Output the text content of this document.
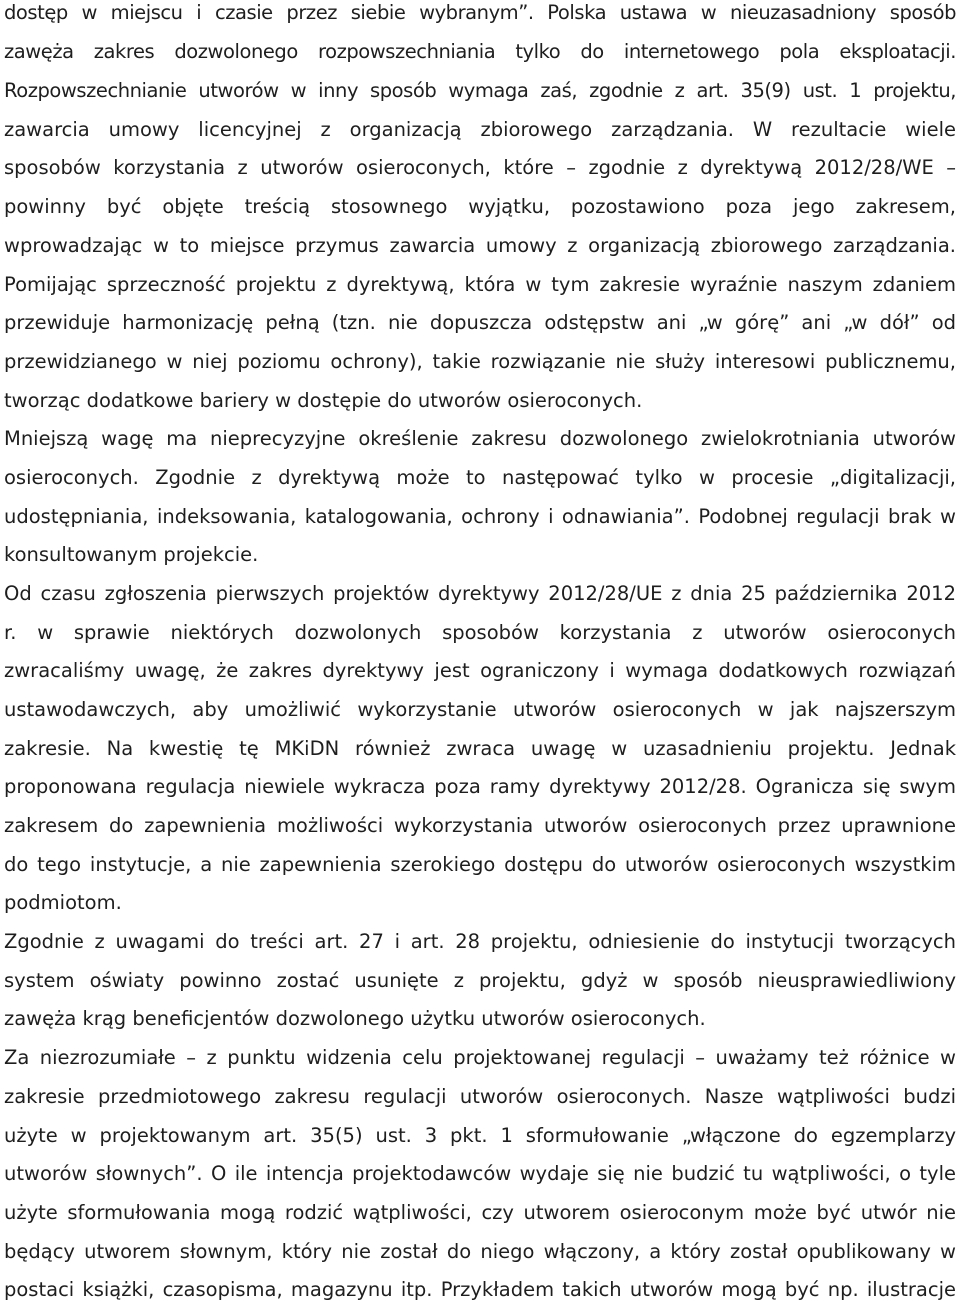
dostęp w miejscu i czasie przez siebie wybranym”. Polska ustawa w nieuzasadniony sposób
zawęża zakres dozwolonego rozpowszechniania tylko do internetowego pola eksploatacji.
Rozpowszechnianie utworów w inny sposób wymaga zaś, zgodnie z art. 35(9) ust. 1 projektu,
zawarcia umowy licencyjnej z organizacją zbiorowego zarządzania. W rezultacie wiele
sposobów korzystania z utworów osieroconych, które – zgodnie z dyrektywą 2012/28/WE –
powinny być objęte treścią stosownego wyjątku, pozostawiono poza jego zakresem,
wprowadzając w to miejsce przymus zawarcia umowy z organizacją zbiorowego zarządzania.
Pomijając sprzeczność projektu z dyrektywą, która w tym zakresie wyraźnie naszym zdaniem
przewiduje harmonizację pełną (tzn. nie dopuszcza odstępstw ani „w górę” ani „w dół” od
przewidzianego w niej poziomu ochrony), takie rozwiązanie nie służy interesowi publicznemu,
tworząc dodatkowe bariery w dostępie do utworów osieroconych.
Mniejszą wagę ma nieprecyzyjne określenie zakresu dozwolonego zwielokrotniania utworów
osieroconych. Zgodnie z dyrektywą może to następować tylko w procesie „digitalizacji,
udostępniania, indeksowania, katalogowania, ochrony i odnawiania”. Podobnej regulacji brak w
konsultowanym projekcie.
Od czasu zgłoszenia pierwszych projektów dyrektywy 2012/28/UE z dnia 25 października 2012
r. w sprawie niektórych dozwolonych sposobów korzystania z utworów osieroconych
zwracaliśmy uwagę, że zakres dyrektywy jest ograniczony i wymaga dodatkowych rozwiązań
ustawodawczych, aby umożliwić wykorzystanie utworów osieroconych w jak najszerszym
zakresie. Na kwestię tę MKiDN również zwraca uwagę w uzasadnieniu projektu. Jednak
proponowana regulacja niewiele wykracza poza ramy dyrektywy 2012/28. Ogranicza się swym
zakresem do zapewnienia możliwości wykorzystania utworów osieroconych przez uprawnione
do tego instytucje, a nie zapewnienia szerokiego dostępu do utworów osieroconych wszystkim
podmiotom.
Zgodnie z uwagami do treści art. 27 i art. 28 projektu, odniesienie do instytucji tworzących
system oświaty powinno zostać usunięte z projektu, gdyż w sposób nieusprawiedliwiony
zawęża krąg beneficjentów dozwolonego użytku utworów osieroconych.
Za niezrozumiałe – z punktu widzenia celu projektowanej regulacji – uważamy też różnice w
zakresie przedmiotowego zakresu regulacji utworów osieroconych. Nasze wątpliwości budzi
użyte w projektowanym art. 35(5) ust. 3 pkt. 1 sformułowanie „włączone do egzemplarzy
utworów słownych”. O ile intencja projektodawców wydaje się nie budzić tu wątpliwości, o tyle
użyte sformułowania mogą rodzić wątpliwości, czy utworem osieroconym może być utwór nie
będący utworem słownym, który nie został do niego włączony, a który został opublikowany w
postaci książki, czasopisma, magazynu itp. Przykładem takich utworów mogą być np. ilustracje
